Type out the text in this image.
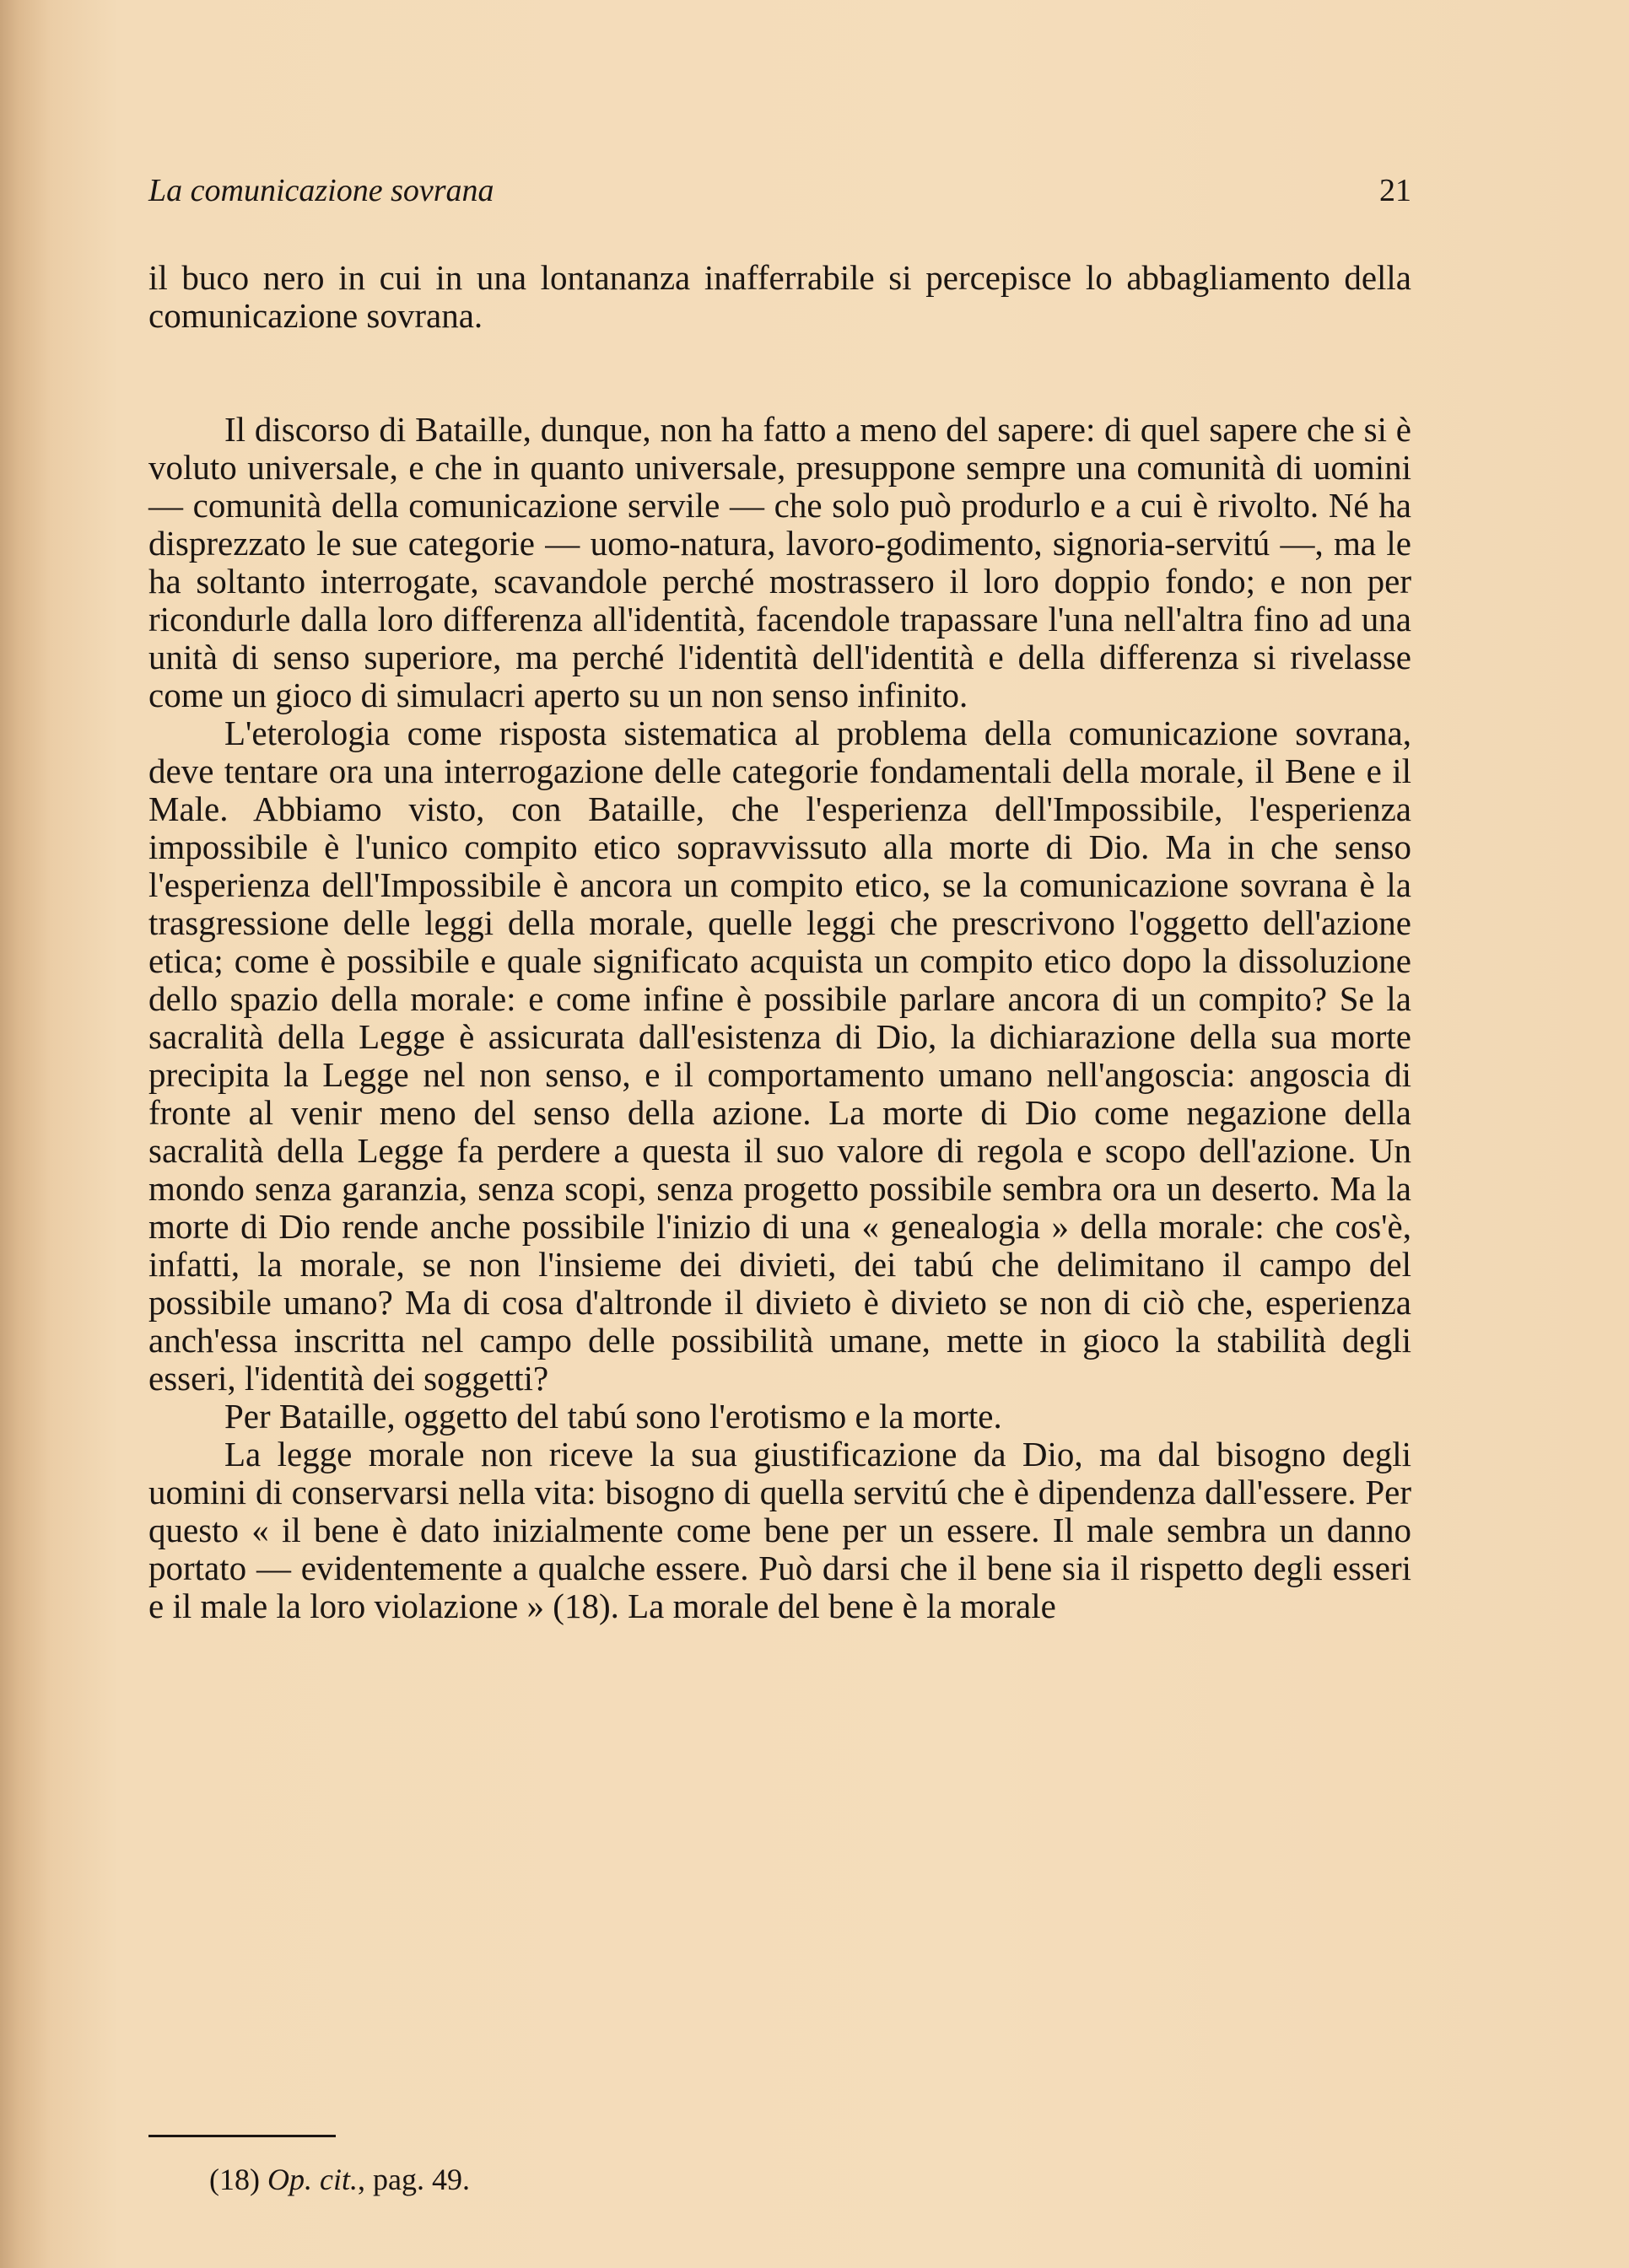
La comunicazione sovrana	21

il buco nero in cui in una lontananza inafferrabile si percepisce lo abbagliamento della comunicazione sovrana.

Il discorso di Bataille, dunque, non ha fatto a meno del sapere: di quel sapere che si è voluto universale, e che in quanto universale, presuppone sempre una comunità di uomini — comunità della comunicazione servile — che solo può produrlo e a cui è rivolto. Né ha disprezzato le sue categorie — uomo-natura, lavoro-godimento, signoria-servitú —, ma le ha soltanto interrogate, scavandole perché mostrassero il loro doppio fondo; e non per ricondurle dalla loro differenza all'identità, facendole trapassare l'una nell'altra fino ad una unità di senso superiore, ma perché l'identità dell'identità e della differenza si rivelasse come un gioco di simulacri aperto su un non senso infinito.

L'eterologia come risposta sistematica al problema della comunicazione sovrana, deve tentare ora una interrogazione delle categorie fondamentali della morale, il Bene e il Male. Abbiamo visto, con Bataille, che l'esperienza dell'Impossibile, l'esperienza impossibile è l'unico compito etico sopravvissuto alla morte di Dio. Ma in che senso l'esperienza dell'Impossibile è ancora un compito etico, se la comunicazione sovrana è la trasgressione delle leggi della morale, quelle leggi che prescrivono l'oggetto dell'azione etica; come è possibile e quale significato acquista un compito etico dopo la dissoluzione dello spazio della morale: e come infine è possibile parlare ancora di un compito? Se la sacralità della Legge è assicurata dall'esistenza di Dio, la dichiarazione della sua morte precipita la Legge nel non senso, e il comportamento umano nell'angoscia: angoscia di fronte al venir meno del senso della azione. La morte di Dio come negazione della sacralità della Legge fa perdere a questa il suo valore di regola e scopo dell'azione. Un mondo senza garanzia, senza scopi, senza progetto possibile sembra ora un deserto. Ma la morte di Dio rende anche possibile l'inizio di una « genealogia » della morale: che cos'è, infatti, la morale, se non l'insieme dei divieti, dei tabú che delimitano il campo del possibile umano? Ma di cosa d'altronde il divieto è divieto se non di ciò che, esperienza anch'essa inscritta nel campo delle possibilità umane, mette in gioco la stabilità degli esseri, l'identità dei soggetti?

Per Bataille, oggetto del tabú sono l'erotismo e la morte.

La legge morale non riceve la sua giustificazione da Dio, ma dal bisogno degli uomini di conservarsi nella vita: bisogno di quella servitú che è dipendenza dall'essere. Per questo « il bene è dato inizialmente come bene per un essere. Il male sembra un danno portato — evidentemente a qualche essere. Può darsi che il bene sia il rispetto degli esseri e il male la loro violazione » (18). La morale del bene è la morale

(18) Op. cit., pag. 49.
